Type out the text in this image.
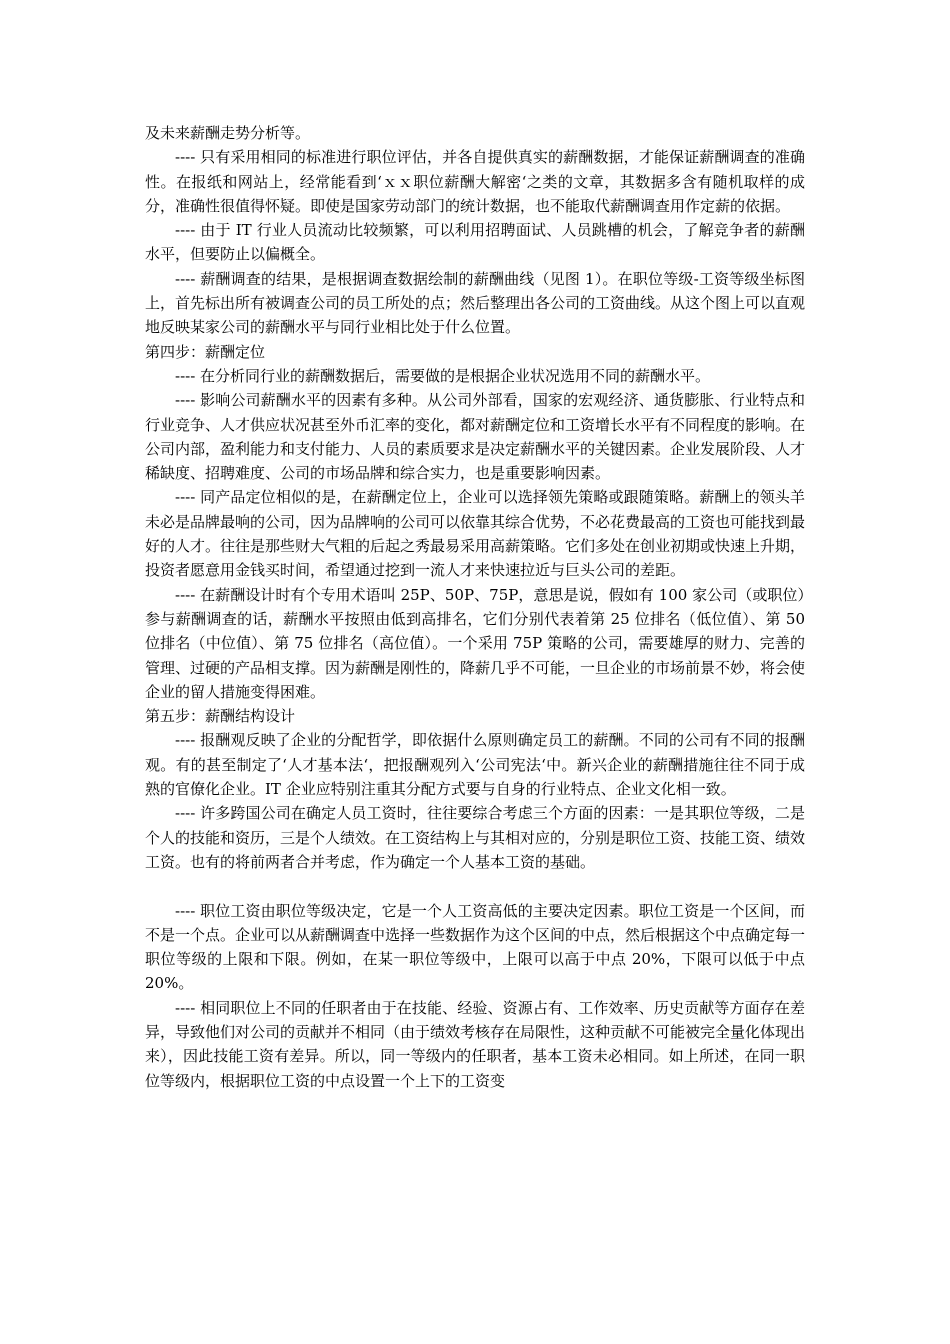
及未来薪酬走势分析等。

---- 只有采用相同的标准进行职位评估，并各自提供真实的薪酬数据，才能保证薪酬调查的准确性。在报纸和网站上，经常能看到‘ｘｘ职位薪酬大解密‘之类的文章，其数据多含有随机取样的成分，准确性很值得怀疑。即使是国家劳动部门的统计数据，也不能取代薪酬调查用作定薪的依据。

---- 由于 IT 行业人员流动比较频繁，可以利用招聘面试、人员跳槽的机会，了解竞争者的薪酬水平，但要防止以偏概全。

---- 薪酬调查的结果，是根据调查数据绘制的薪酬曲线（见图 1）。在职位等级-工资等级坐标图上，首先标出所有被调查公司的员工所处的点；然后整理出各公司的工资曲线。从这个图上可以直观地反映某家公司的薪酬水平与同行业相比处于什么位置。

第四步：薪酬定位

---- 在分析同行业的薪酬数据后，需要做的是根据企业状况选用不同的薪酬水平。

---- 影响公司薪酬水平的因素有多种。从公司外部看，国家的宏观经济、通货膨胀、行业特点和行业竞争、人才供应状况甚至外币汇率的变化，都对薪酬定位和工资增长水平有不同程度的影响。在公司内部，盈利能力和支付能力、人员的素质要求是决定薪酬水平的关键因素。企业发展阶段、人才稀缺度、招聘难度、公司的市场品牌和综合实力，也是重要影响因素。

---- 同产品定位相似的是，在薪酬定位上，企业可以选择领先策略或跟随策略。薪酬上的领头羊未必是品牌最响的公司，因为品牌响的公司可以依靠其综合优势，不必花费最高的工资也可能找到最好的人才。往往是那些财大气粗的后起之秀最易采用高薪策略。它们多处在创业初期或快速上升期，投资者愿意用金钱买时间，希望通过挖到一流人才来快速拉近与巨头公司的差距。

---- 在薪酬设计时有个专用术语叫 25P、50P、75P，意思是说，假如有 100 家公司（或职位）参与薪酬调查的话，薪酬水平按照由低到高排名，它们分别代表着第 25 位排名（低位值）、第 50 位排名（中位值）、第 75 位排名（高位值）。一个采用 75P 策略的公司，需要雄厚的财力、完善的管理、过硬的产品相支撑。因为薪酬是刚性的，降薪几乎不可能，一旦企业的市场前景不妙，将会使企业的留人措施变得困难。

第五步：薪酬结构设计

---- 报酬观反映了企业的分配哲学，即依据什么原则确定员工的薪酬。不同的公司有不同的报酬观。有的甚至制定了‘人才基本法‘，把报酬观列入‘公司宪法‘中。新兴企业的薪酬措施往往不同于成熟的官僚化企业。IT 企业应特别注重其分配方式要与自身的行业特点、企业文化相一致。

---- 许多跨国公司在确定人员工资时，往往要综合考虑三个方面的因素：一是其职位等级，二是个人的技能和资历，三是个人绩效。在工资结构上与其相对应的，分别是职位工资、技能工资、绩效工资。也有的将前两者合并考虑，作为确定一个人基本工资的基础。

---- 职位工资由职位等级决定，它是一个人工资高低的主要决定因素。职位工资是一个区间，而不是一个点。企业可以从薪酬调查中选择一些数据作为这个区间的中点，然后根据这个中点确定每一职位等级的上限和下限。例如，在某一职位等级中，上限可以高于中点 20%，下限可以低于中点 20%。

---- 相同职位上不同的任职者由于在技能、经验、资源占有、工作效率、历史贡献等方面存在差异，导致他们对公司的贡献并不相同（由于绩效考核存在局限性，这种贡献不可能被完全量化体现出来），因此技能工资有差异。所以，同一等级内的任职者，基本工资未必相同。如上所述，在同一职位等级内，根据职位工资的中点设置一个上下的工资变
